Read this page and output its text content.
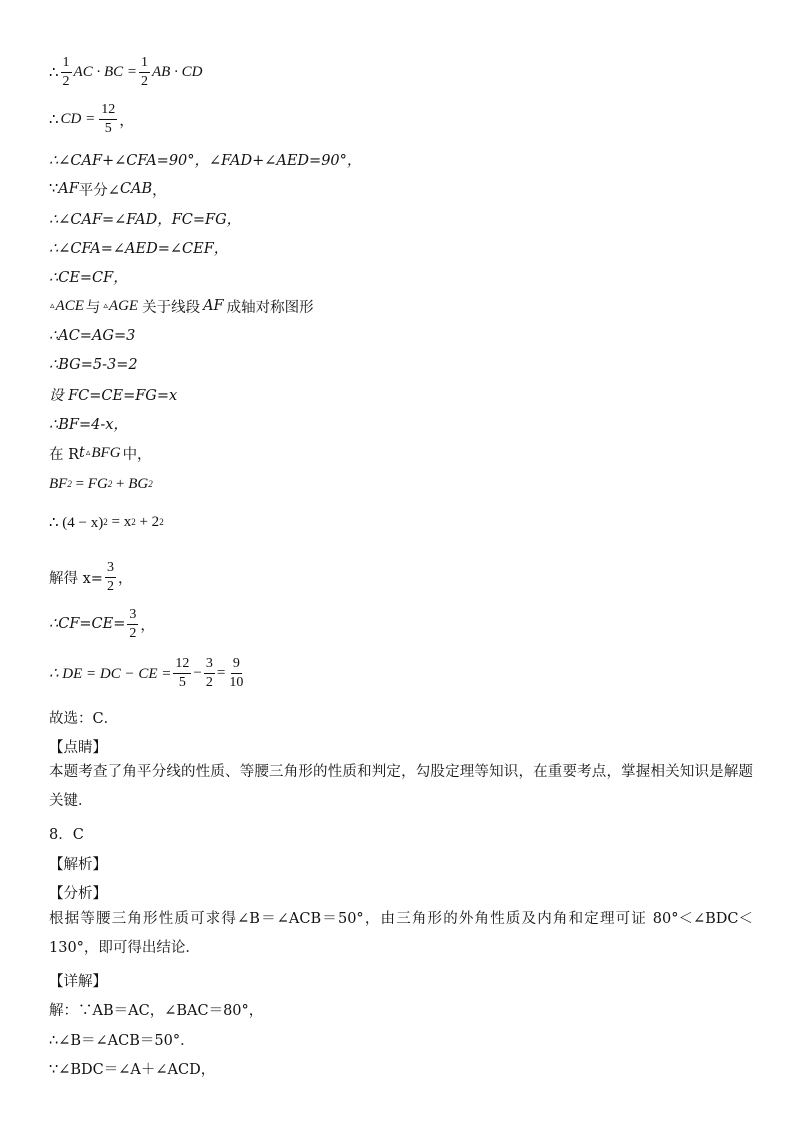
∴ $\frac{1}{2}$ AC · BC = $\frac{1}{2}$ AB · CD
∴ CD = $\frac{12}{5}$ ，
∴∠CAF+∠CFA=90°，∠FAD+∠AED=90°，
∵ AF 平分∠ CAB ，
∴∠CAF=∠FAD，FC=FG，
∴∠CFA=∠AED=∠CEF，
∴CE=CF，
▵ ACE 与 ▵ AGE 关于线段 AF 成轴对称图形
∴AC=AG=3
∴BG=5-3=2
设 FC=CE=FG=x
∴BF=4-x，
在 R t ▵ BFG 中，
BF 2 = FG 2 + BG 2
∴ (4 − x) 2 = x 2 + 2 2
解得 $x= \frac{3}{2}$ ，
∴CF=CE= $\frac{3}{2}$ ，
∴ DE = DC − CE = $\frac{12}{5} - \frac{3}{2} = \frac{9}{10}$
故选：C．
【点睛】
本题考查了角平分线的性质、等腰三角形的性质和判定，勾股定理等知识，在重要考点，掌握相关知识是解题关键．
8．C
【解析】
【分析】
根据等腰三角形性质可求得∠B＝∠ACB＝50°，由三角形的外角性质及内角和定理可证 80°＜∠BDC＜130°，即可得出结论．
【详解】
解：∵AB＝AC，∠BAC＝80°，
∴∠B＝∠ACB＝50°．
∵∠BDC＝∠A＋∠ACD，
